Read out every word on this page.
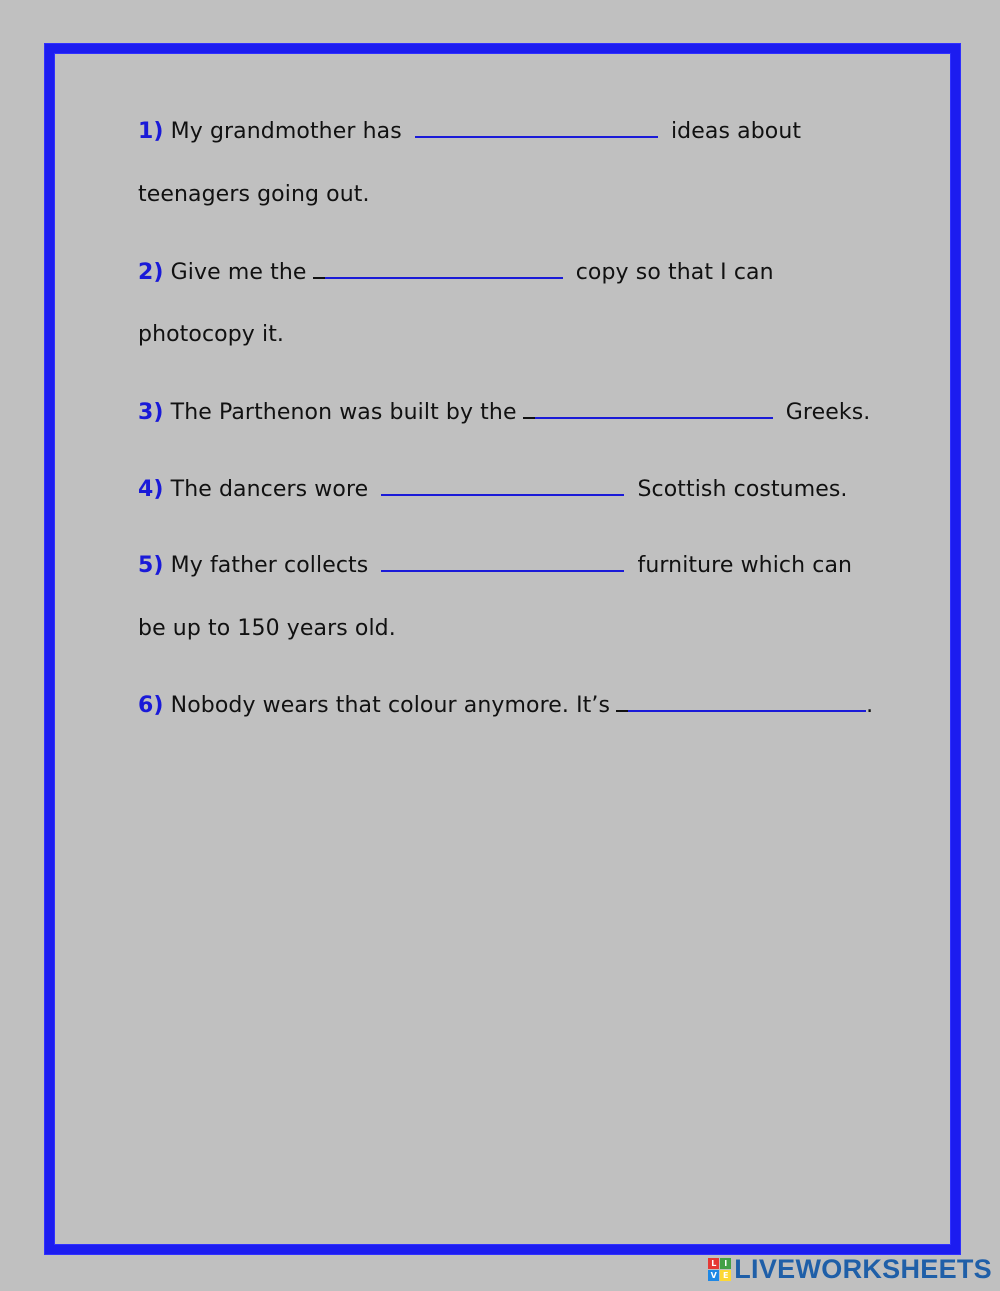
1) My grandmother has	ideas about
teenagers going out.
2) Give me the	copy so that I can
photocopy it.
3) The Parthenon was built by the	Greeks.
4) The dancers wore	Scottish costumes.
5) My father collects	furniture which can
be up to 150 years old.
6) Nobody wears that colour anymore. It’s	.
L I
V E LIVEWORKSHEETS
